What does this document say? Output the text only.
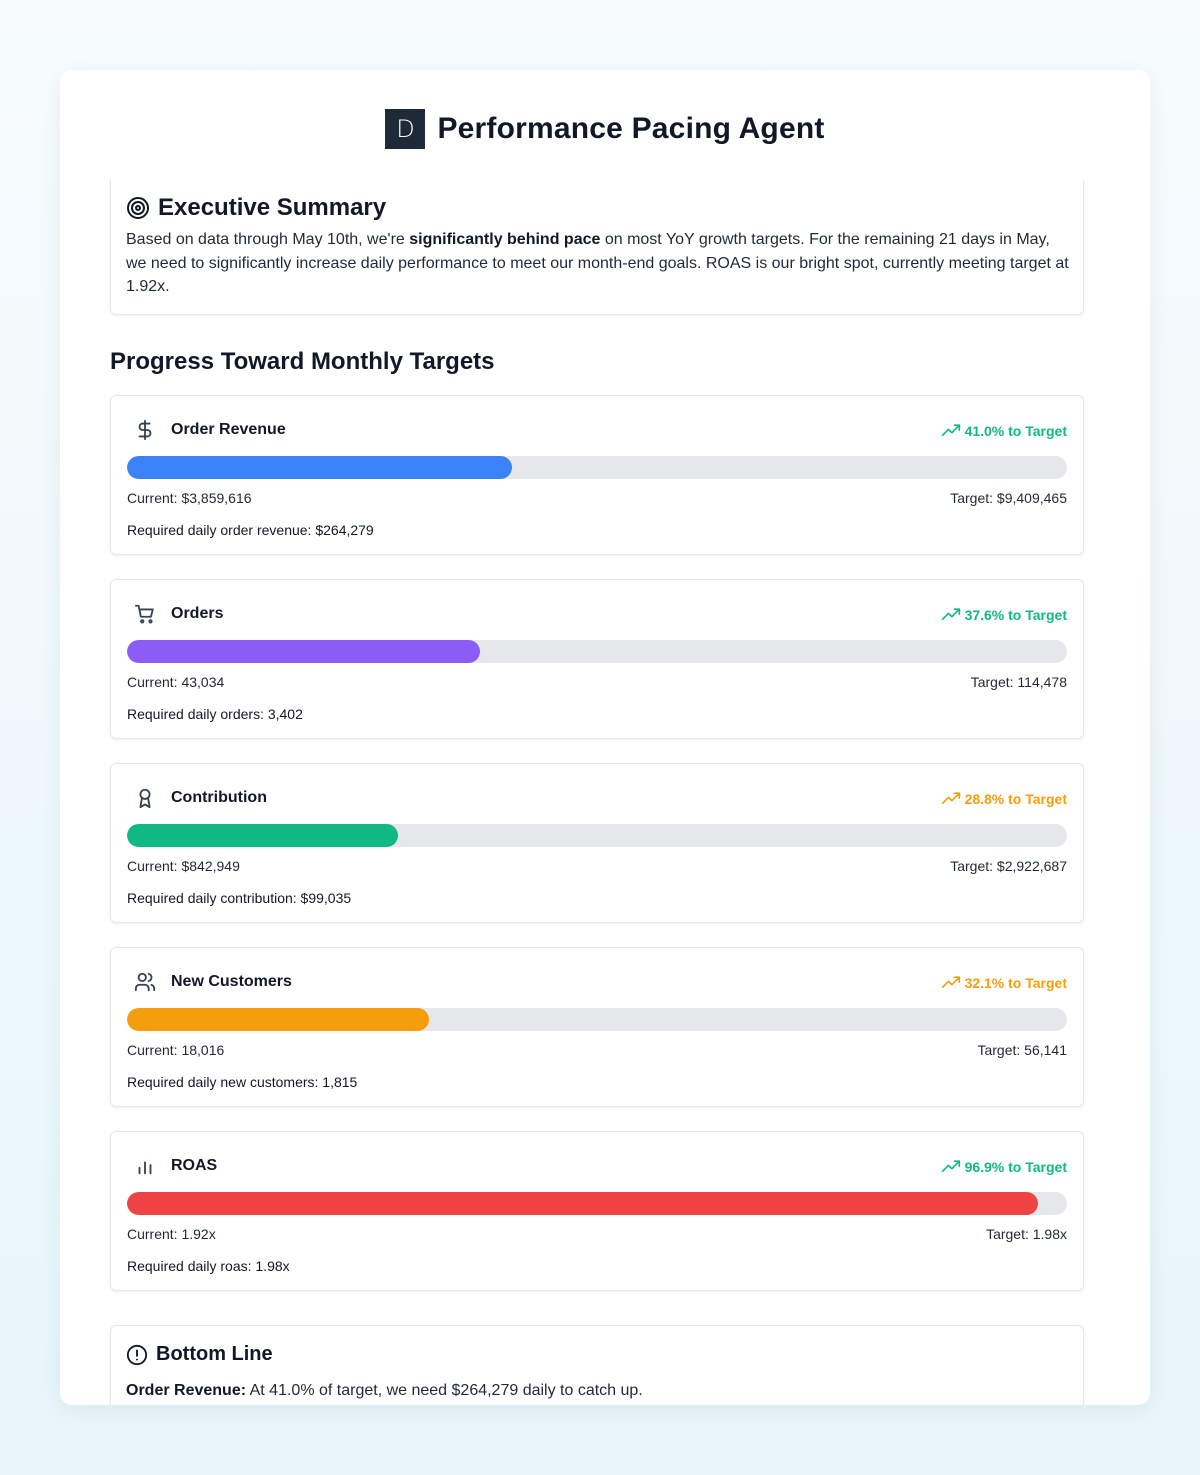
D Performance Pacing Agent
Executive Summary

Based on data through May 10th, we're significantly behind pace on most YoY growth targets. For the remaining 21 days in May, we need to significantly increase daily performance to meet our month-end goals. ROAS is our bright spot, currently meeting target at 1.92x.

Progress Toward Monthly Targets
Order Revenue	41.0% to Target
Current: $3,859,616	Target: $9,409,465
Required daily order revenue: $264,279
Orders	37.6% to Target
Current: 43,034	Target: 114,478
Required daily orders: 3,402
Contribution	28.8% to Target
Current: $842,949	Target: $2,922,687
Required daily contribution: $99,035
New Customers	32.1% to Target
Current: 18,016	Target: 56,141
Required daily new customers: 1,815
ROAS	96.9% to Target
Current: 1.92x	Target: 1.98x
Required daily roas: 1.98x
Bottom Line

Order Revenue: At 41.0% of target, we need $264,279 daily to catch up.
